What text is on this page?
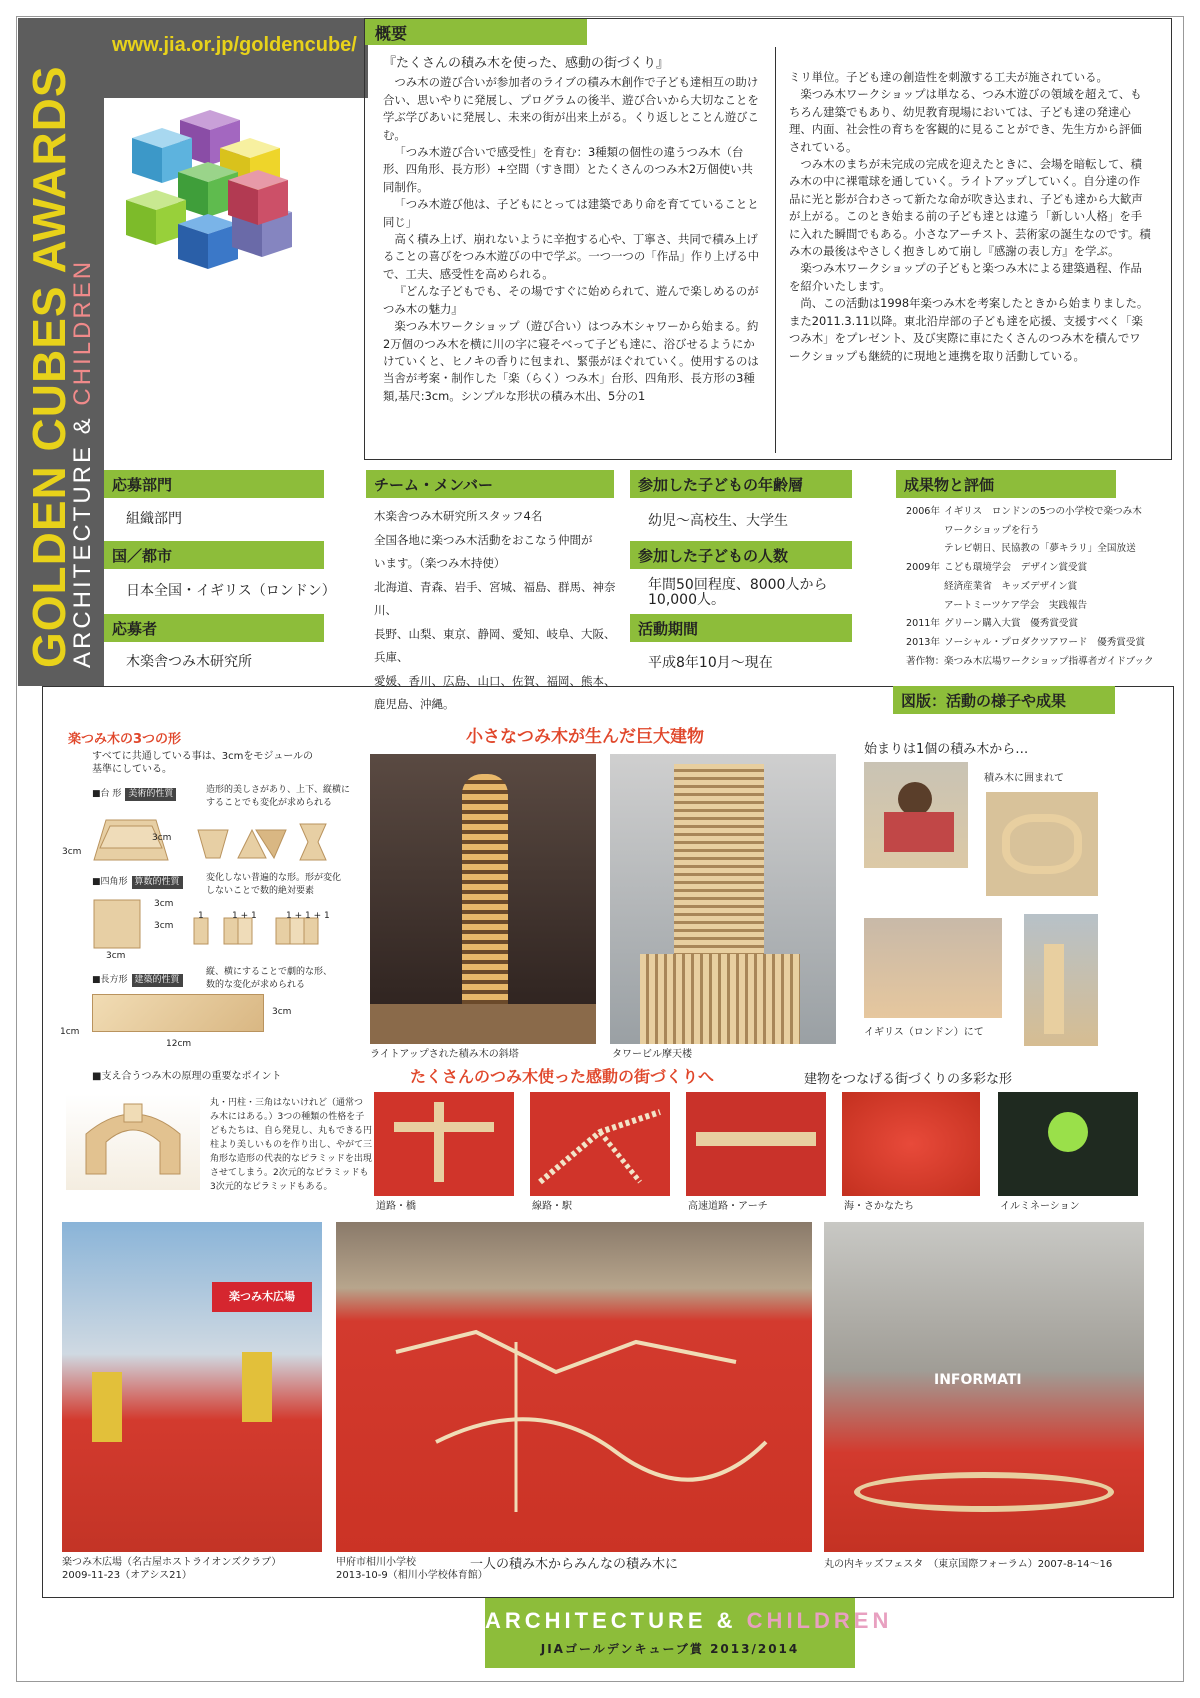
GOLDEN CUBES AWARDS
ARCHITECTURE & CHILDREN
www.jia.or.jp/goldencube/
概要
『たくさんの積み木を使った、感動の街づくり』

つみ木の遊び合いが参加者のライブの積み木創作で子ども達相互の助け合い、思いやりに発展し、プログラムの後半、遊び合いから大切なことを学ぶ学びあいに発展し、未来の街が出来上がる。くり返しとことん遊びこむ。

「つみ木遊び合いで感受性」を育む：3種類の個性の違うつみ木（台形、四角形、長方形）+空間（すき間）とたくさんのつみ木2万個使い共同制作。

「つみ木遊び他は、子どもにとっては建築であり命を育てていることと同じ」

高く積み上げ、崩れないように辛抱する心や、丁寧さ、共同で積み上げることの喜びをつみ木遊びの中で学ぶ。一つ一つの「作品」作り上げる中で、工夫、感受性を高められる。

『どんな子どもでも、その場ですぐに始められて、遊んで楽しめるのがつみ木の魅力』

楽つみ木ワークショップ（遊び合い）はつみ木シャワーから始まる。約2万個のつみ木を横に川の字に寝そべって子ども達に、浴びせるようにかけていくと、ヒノキの香りに包まれ、緊張がほぐれていく。使用するのは当舎が考案・制作した「楽（らく）つみ木」台形、四角形、長方形の3種類,基尺:3cm。シンプルな形状の積み木出、5分の1

ミリ単位。子ども達の創造性を刺激する工夫が施されている。

楽つみ木ワークショップは単なる、つみ木遊びの領域を超えて、もちろん建築でもあり、幼児教育現場においては、子ども達の発達心理、内面、社会性の育ちを客観的に見ることができ、先生方から評価されている。

つみ木のまちが未完成の完成を迎えたときに、会場を暗転して、積み木の中に裸電球を通していく。ライトアップしていく。自分達の作品に光と影が合わさって新たな命が吹き込まれ、子ども達から大歓声が上がる。このとき始まる前の子ども達とは違う「新しい人格」を手に入れた瞬間でもある。小さなアーチスト、芸術家の誕生なのです。積み木の最後はやさしく抱きしめて崩し『感謝の表し方』を学ぶ。

楽つみ木ワークショップの子どもと楽つみ木による建築過程、作品を紹介いたします。

尚、この活動は1998年楽つみ木を考案したときから始まりました。また2011.3.11以降。東北沿岸部の子ども達を応援、支援すべく「楽つみ木」をプレゼント、及び実際に車にたくさんのつみ木を積んでワークショップも継続的に現地と連携を取り活動している。

応募部門
組織部門
国／都市
日本全国・イギリス（ロンドン）
応募者
木楽舎つみ木研究所
チーム・メンバー
木楽舎つみ木研究所スタッフ4名
全国各地に楽つみ木活動をおこなう仲間が
います。（楽つみ木持使）
北海道、青森、岩手、宮城、福島、群馬、神奈川、
長野、山梨、東京、静岡、愛知、岐阜、大阪、兵庫、
愛媛、香川、広島、山口、佐賀、福岡、熊本、
鹿児島、沖縄。
参加した子どもの年齢層
幼児～高校生、大学生
参加した子どもの人数
年間50回程度、8000人から
10,000人。
活動期間
平成8年10月～現在
成果物と評価
2006年 イギリス　ロンドンの5つの小学校で楽つみ木
ワークショップを行う
テレビ朝日、民協教の「夢キラリ」全国放送
2009年 こども環境学会　デザイン賞受賞
経済産業省　キッズデザイン賞
アートミーツケア学会　実践報告
2011年 グリーン購入大賞　優秀賞受賞
2013年 ソーシャル・プロダクツアワード　優秀賞受賞
著作物： 楽つみ木広場ワークショップ指導者ガイドブック
図版：活動の様子や成果
楽つみ木の3つの形
すべてに共通している事は、3cmをモジュールの
基準にしている。
■台 形 美術的性質	造形的美しさがあり、上下、縦横に
することでも変化が求められる
3cm
3cm
■四角形 算数的性質	変化しない普遍的な形。形が変化
しないことで数的絶対要素
3cm
3cm
3cm
1	1 + 1	1 + 1 + 1
■長方形 建築的性質
縦、横にすることで劇的な形、
数的な変化が求められる
3cm
12cm
1cm
■支え合うつみ木の原理の重要なポイント
丸・円柱・三角はないけれど（通常つ
み木にはある。）3つの種類の性格を子
どもたちは、自ら発見し、丸もできる円
柱より美しいものを作り出し、やがて三
角形な造形の代表的なピラミッドを出現
させてしまう。2次元的なピラミッドも
3次元的なピラミッドもある。
小さなつみ木が生んだ巨大建物
ライトアップされた積み木の斜塔	タワービル摩天楼
始まりは1個の積み木から…
積み木に囲まれて
イギリス（ロンドン）にて
たくさんのつみ木使った感動の街づくりへ	建物をつなげる街づくりの多彩な形
道路・橋	線路・駅	高速道路・アーチ	海・さかなたち	イルミネーション
楽つみ木広場
楽つみ木広場（名古屋ホストライオンズクラブ）
2009-11-23（オアシス21）
甲府市相川小学校
2013-10-9（相川小学校体育館）
一人の積み木からみんなの積み木に
INFORMATI
丸の内キッズフェスタ　（東京国際フォーラム）2007-8-14～16
ARCHITECTURE & CHILDREN
JIAゴールデンキューブ賞 2013/2014
